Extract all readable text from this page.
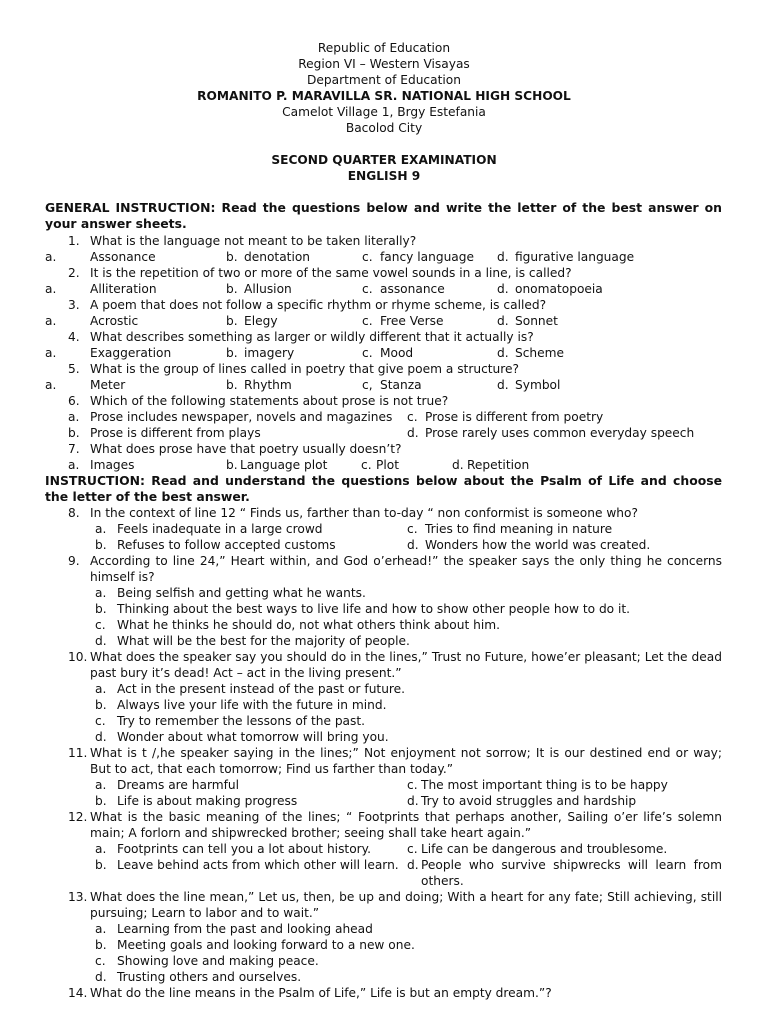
Republic of Education
Region VI – Western Visayas
Department of Education
ROMANITO P. MARAVILLA SR. NATIONAL HIGH SCHOOL
Camelot Village 1, Brgy Estefania
Bacolod City
SECOND QUARTER EXAMINATION
ENGLISH 9
GENERAL INSTRUCTION: Read the questions below and write the letter of the best answer on your answer sheets.
1. What is the language not meant to be taken literally?
a.	Assonance	b. denotation	c. fancy language d. figurative language
2. It is the repetition of two or more of the same vowel sounds in a line, is called?
a.	Alliteration	b. Allusion	c. assonance	d. onomatopoeia
3. A poem that does not follow a specific rhythm or rhyme scheme, is called?
a.	Acrostic	b. Elegy	c. Free Verse	d. Sonnet
4. What describes something as larger or wildly different that it actually is?
a.	Exaggeration	b. imagery	c. Mood	d. Scheme
5. What is the group of lines called in poetry that give poem a structure?
a.	Meter	b. Rhythm	c, Stanza	d. Symbol
6. Which of the following statements about prose is not true?
a. Prose includes newspaper, novels and magazines c. Prose is different from poetry
b. Prose is different from plays	d. Prose rarely uses common everyday speech
7. What does prose have that poetry usually doesn’t?
a. Images	b. Language plot	c. Plot	d. Repetition
INSTRUCTION: Read and understand the questions below about the Psalm of Life and choose the letter of the best answer.
8. In the context of line 12 “ Finds us, farther than to-day “ non conformist is someone who?
a. Feels inadequate in a large crowd	c. Tries to find meaning in nature
b. Refuses to follow accepted customs	d. Wonders how the world was created.
9. According to line 24,” Heart within, and God o’erhead!” the speaker says the only thing he concerns himself is?
a. Being selfish and getting what he wants.
b. Thinking about the best ways to live life and how to show other people how to do it.
c. What he thinks he should do, not what others think about him.
d. What will be the best for the majority of people.
10. What does the speaker say you should do in the lines,” Trust no Future, howe’er pleasant; Let the dead past bury it’s dead! Act – act in the living present.”
a. Act in the present instead of the past or future.
b. Always live your life with the future in mind.
c. Try to remember the lessons of the past.
d. Wonder about what tomorrow will bring you.
11. What is t /,he speaker saying in the lines;” Not enjoyment not sorrow; It is our destined end or way; But to act, that each tomorrow; Find us farther than today.”
a. Dreams are harmful	c. The most important thing is to be happy
b. Life is about making progress	d. Try to avoid struggles and hardship
12. What is the basic meaning of the lines; “ Footprints that perhaps another, Sailing o’er life’s solemn main; A forlorn and shipwrecked brother; seeing shall take heart again.”
a. Footprints can tell you a lot about history.	c. Life can be dangerous and troublesome.
b. Leave behind acts from which other will learn. d. People who survive shipwrecks will learn from others.
13. What does the line mean,” Let us, then, be up and doing; With a heart for any fate; Still achieving, still pursuing; Learn to labor and to wait.”
a. Learning from the past and looking ahead
b. Meeting goals and looking forward to a new one.
c. Showing love and making peace.
d. Trusting others and ourselves.
14. What do the line means in the Psalm of Life,” Life is but an empty dream.”?
